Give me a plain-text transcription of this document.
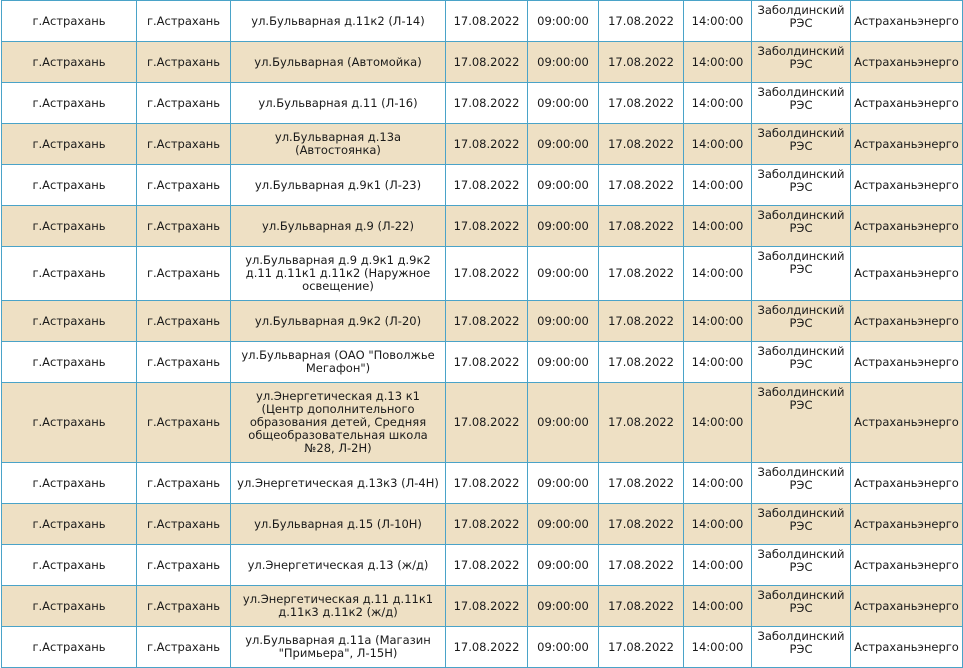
г.Астрахань	г.Астрахань	ул.Бульварная д.11к2 (Л-14)	17.08.2022	09:00:00	17.08.2022	14:00:00	Заболдинский РЭС	Астраханьэнерго
г.Астрахань	г.Астрахань	ул.Бульварная (Автомойка)	17.08.2022	09:00:00	17.08.2022	14:00:00	Заболдинский РЭС	Астраханьэнерго
г.Астрахань	г.Астрахань	ул.Бульварная д.11 (Л-16)	17.08.2022	09:00:00	17.08.2022	14:00:00	Заболдинский РЭС	Астраханьэнерго
г.Астрахань	г.Астрахань	ул.Бульварная д.13а (Автостоянка)	17.08.2022	09:00:00	17.08.2022	14:00:00	Заболдинский РЭС	Астраханьэнерго
г.Астрахань	г.Астрахань	ул.Бульварная д.9к1 (Л-23)	17.08.2022	09:00:00	17.08.2022	14:00:00	Заболдинский РЭС	Астраханьэнерго
г.Астрахань	г.Астрахань	ул.Бульварная д.9 (Л-22)	17.08.2022	09:00:00	17.08.2022	14:00:00	Заболдинский РЭС	Астраханьэнерго
г.Астрахань	г.Астрахань	ул.Бульварная д.9 д.9к1 д.9к2 д.11 д.11к1 д.11к2 (Наружное освещение)	17.08.2022	09:00:00	17.08.2022	14:00:00	Заболдинский РЭС	Астраханьэнерго
г.Астрахань	г.Астрахань	ул.Бульварная д.9к2 (Л-20)	17.08.2022	09:00:00	17.08.2022	14:00:00	Заболдинский РЭС	Астраханьэнерго
г.Астрахань	г.Астрахань	ул.Бульварная (ОАО "Поволжье Мегафон")	17.08.2022	09:00:00	17.08.2022	14:00:00	Заболдинский РЭС	Астраханьэнерго
г.Астрахань	г.Астрахань	ул.Энергетическая д.13 к1 (Центр дополнительного образования детей, Средняя общеобразовательная школа №28, Л-2Н)	17.08.2022	09:00:00	17.08.2022	14:00:00	Заболдинский РЭС	Астраханьэнерго
г.Астрахань	г.Астрахань	ул.Энергетическая д.13к3 (Л-4Н)	17.08.2022	09:00:00	17.08.2022	14:00:00	Заболдинский РЭС	Астраханьэнерго
г.Астрахань	г.Астрахань	ул.Бульварная д.15 (Л-10Н)	17.08.2022	09:00:00	17.08.2022	14:00:00	Заболдинский РЭС	Астраханьэнерго
г.Астрахань	г.Астрахань	ул.Энергетическая д.13 (ж/д)	17.08.2022	09:00:00	17.08.2022	14:00:00	Заболдинский РЭС	Астраханьэнерго
г.Астрахань	г.Астрахань	ул.Энергетическая д.11 д.11к1 д.11к3 д.11к2 (ж/д)	17.08.2022	09:00:00	17.08.2022	14:00:00	Заболдинский РЭС	Астраханьэнерго
г.Астрахань	г.Астрахань	ул.Бульварная д.11а (Магазин "Примьера", Л-15Н)	17.08.2022	09:00:00	17.08.2022	14:00:00	Заболдинский РЭС	Астраханьэнерго
